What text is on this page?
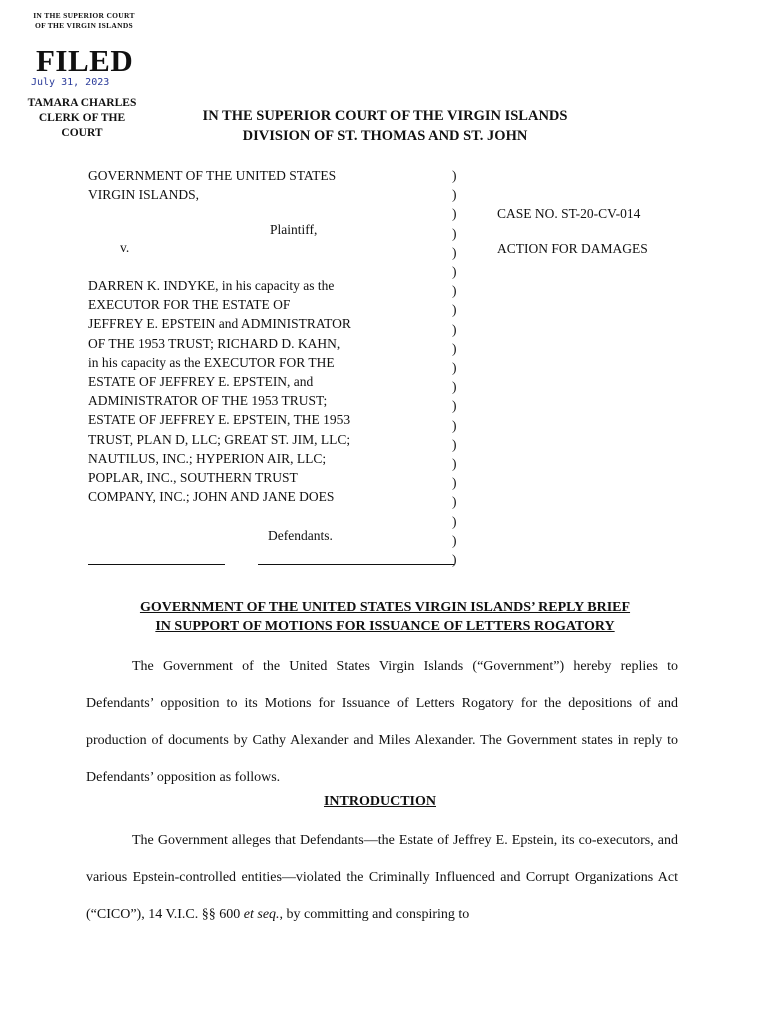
IN THE SUPERIOR COURT
OF THE VIRGIN ISLANDS
FILED
July 31, 2023
TAMARA CHARLES
CLERK OF THE COURT
IN THE SUPERIOR COURT OF THE VIRGIN ISLANDS
DIVISION OF ST. THOMAS AND ST. JOHN
GOVERNMENT OF THE UNITED STATES
VIRGIN ISLANDS,
Plaintiff,
v.
DARREN K. INDYKE, in his capacity as the
EXECUTOR FOR THE ESTATE OF
JEFFREY E. EPSTEIN and ADMINISTRATOR
OF THE 1953 TRUST; RICHARD D. KAHN,
in his capacity as the EXECUTOR FOR THE
ESTATE OF JEFFREY E. EPSTEIN, and
ADMINISTRATOR OF THE 1953 TRUST;
ESTATE OF JEFFREY E. EPSTEIN, THE 1953
TRUST, PLAN D, LLC; GREAT ST. JIM, LLC;
NAUTILUS, INC.; HYPERION AIR, LLC;
POPLAR, INC., SOUTHERN TRUST
COMPANY, INC.; JOHN AND JANE DOES
Defendants.
)
)
)
)
)
)
)
)
)
)
)
)
)
)
)
)
)
)
)
)
)
CASE NO. ST-20-CV-014
ACTION FOR DAMAGES
GOVERNMENT OF THE UNITED STATES VIRGIN ISLANDS’ REPLY BRIEF
IN SUPPORT OF MOTIONS FOR ISSUANCE OF LETTERS ROGATORY
The Government of the United States Virgin Islands (“Government”) hereby replies to Defendants’ opposition to its Motions for Issuance of Letters Rogatory for the depositions of and production of documents by Cathy Alexander and Miles Alexander. The Government states in reply to Defendants’ opposition as follows.
INTRODUCTION
The Government alleges that Defendants—the Estate of Jeffrey E. Epstein, its co-executors, and various Epstein-controlled entities—violated the Criminally Influenced and Corrupt Organizations Act (“CICO”), 14 V.I.C. §§ 600 et seq., by committing and conspiring to
